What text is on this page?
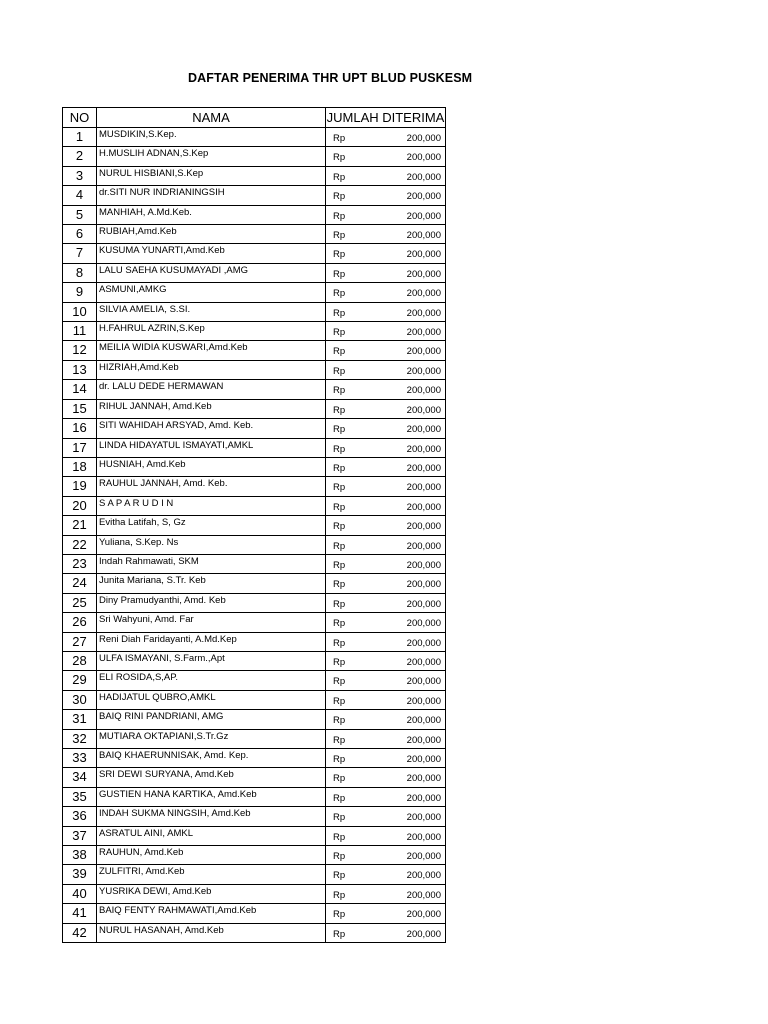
DAFTAR PENERIMA THR UPT BLUD PUSKESM
NO	NAMA	JUMLAH DITERIMA
1	MUSDIKIN,S.Kep.	Rp 200,000

2	H.MUSLIH ADNAN,S.Kep	Rp 200,000

3	NURUL HISBIANI,S.Kep	Rp 200,000

4	dr.SITI NUR INDRIANINGSIH	Rp 200,000

5	MANHIAH, A.Md.Keb.	Rp 200,000

6	RUBIAH,Amd.Keb	Rp 200,000

7	KUSUMA YUNARTI,Amd.Keb	Rp 200,000

8	LALU SAEHA KUSUMAYADI ,AMG	Rp 200,000

9	ASMUNI,AMKG	Rp 200,000

10	SILVIA AMELIA, S.SI.	Rp 200,000

11	H.FAHRUL AZRIN,S.Kep	Rp 200,000

12	MEILIA WIDIA KUSWARI,Amd.Keb	Rp 200,000

13	HIZRIAH,Amd.Keb	Rp 200,000

14	dr. LALU DEDE HERMAWAN	Rp 200,000

15	RIHUL JANNAH, Amd.Keb	Rp 200,000

16	SITI WAHIDAH ARSYAD, Amd. Keb.	Rp 200,000

17	LINDA HIDAYATUL ISMAYATI,AMKL	Rp 200,000

18	HUSNIAH, Amd.Keb	Rp 200,000

19	RAUHUL JANNAH, Amd. Keb.	Rp 200,000

20	S A P A R U D I N	Rp 200,000

21	Evitha Latifah, S, Gz	Rp 200,000

22	Yuliana, S.Kep. Ns	Rp 200,000

23	Indah Rahmawati, SKM	Rp 200,000

24	Junita Mariana, S.Tr. Keb	Rp 200,000

25	Diny Pramudyanthi, Amd. Keb	Rp 200,000

26	Sri Wahyuni, Amd. Far	Rp 200,000

27	Reni Diah Faridayanti, A.Md.Kep	Rp 200,000

28	ULFA ISMAYANI, S.Farm.,Apt	Rp 200,000

29	ELI ROSIDA,S,AP.	Rp 200,000

30	HADIJATUL QUBRO,AMKL	Rp 200,000

31	BAIQ RINI PANDRIANI, AMG	Rp 200,000

32	MUTIARA OKTAPIANI,S.Tr.Gz	Rp 200,000

33	BAIQ KHAERUNNISAK, Amd. Kep.	Rp 200,000

34	SRI DEWI SURYANA, Amd.Keb	Rp 200,000

35	GUSTIEN HANA KARTIKA, Amd.Keb	Rp 200,000

36	INDAH SUKMA NINGSIH, Amd.Keb	Rp 200,000

37	ASRATUL AINI, AMKL	Rp 200,000

38	RAUHUN, Amd.Keb	Rp 200,000

39	ZULFITRI, Amd.Keb	Rp 200,000

40	YUSRIKA DEWI, Amd.Keb	Rp 200,000

41	BAIQ FENTY RAHMAWATI,Amd.Keb	Rp 200,000

42	NURUL HASANAH, Amd.Keb	Rp 200,000
